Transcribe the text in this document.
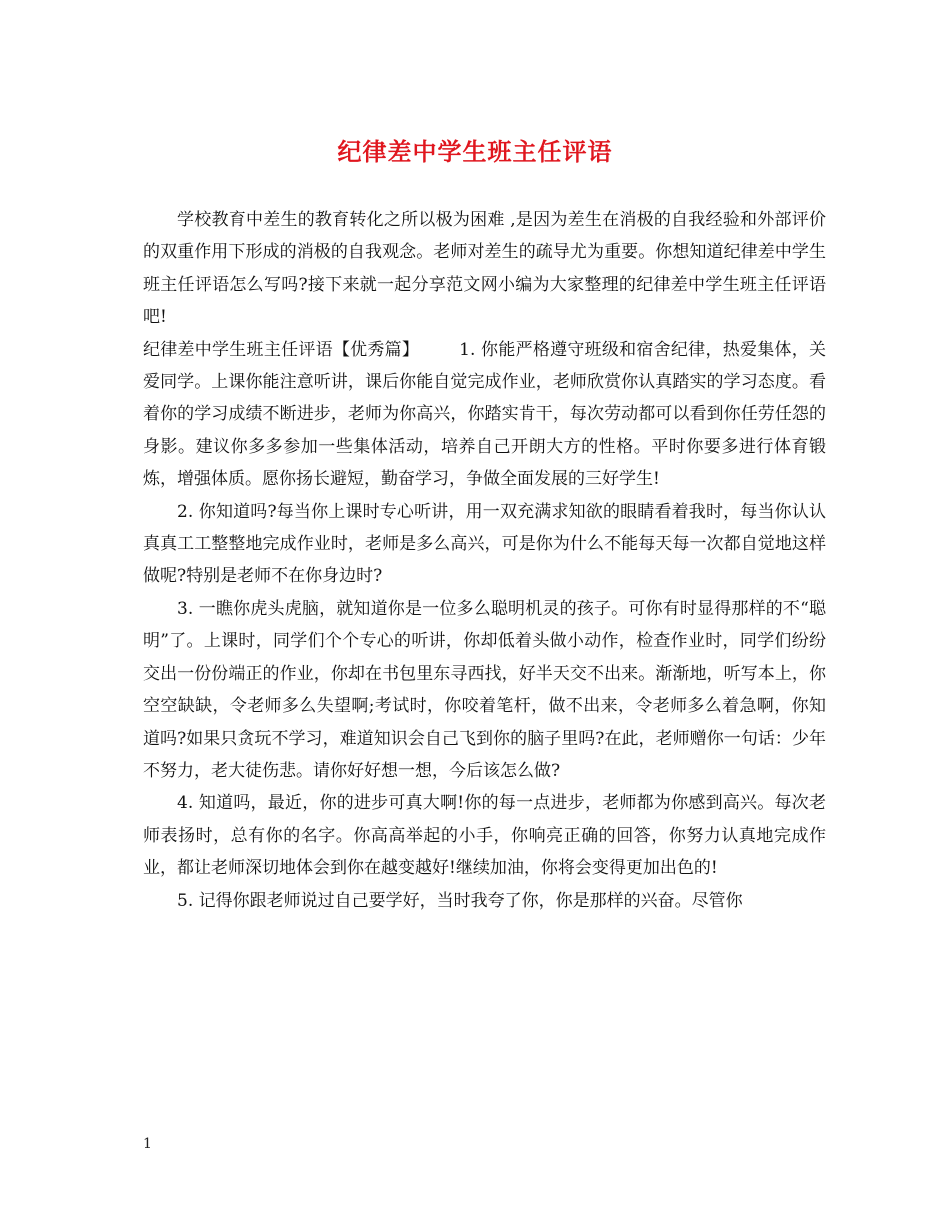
纪律差中学生班主任评语

学校教育中差生的教育转化之所以极为困难 ,是因为差生在消极的自我经验和外部评价的双重作用下形成的消极的自我观念。老师对差生的疏导尤为重要。你想知道纪律差中学生班主任评语怎么写吗?接下来就一起分享范文网小编为大家整理的纪律差中学生班主任评语吧!

纪律差中学生班主任评语【优秀篇】 1. 你能严格遵守班级和宿舍纪律，热爱集体，关爱同学。上课你能注意听讲，课后你能自觉完成作业，老师欣赏你认真踏实的学习态度。看着你的学习成绩不断进步，老师为你高兴，你踏实肯干，每次劳动都可以看到你任劳任怨的身影。建议你多多参加一些集体活动，培养自己开朗大方的性格。平时你要多进行体育锻炼，增强体质。愿你扬长避短，勤奋学习，争做全面发展的三好学生!

2. 你知道吗?每当你上课时专心听讲，用一双充满求知欲的眼睛看着我时，每当你认认真真工工整整地完成作业时，老师是多么高兴，可是你为什么不能每天每一次都自觉地这样做呢?特别是老师不在你身边时?

3. 一瞧你虎头虎脑，就知道你是一位多么聪明机灵的孩子。可你有时显得那样的不“聪明”了。上课时，同学们个个专心的听讲，你却低着头做小动作，检查作业时，同学们纷纷交出一份份端正的作业，你却在书包里东寻西找，好半天交不出来。渐渐地，听写本上，你空空缺缺，令老师多么失望啊;考试时，你咬着笔杆，做不出来，令老师多么着急啊，你知道吗?如果只贪玩不学习，难道知识会自己飞到你的脑子里吗?在此，老师赠你一句话：少年不努力，老大徒伤悲。请你好好想一想，今后该怎么做?

4. 知道吗，最近，你的进步可真大啊!你的每一点进步，老师都为你感到高兴。每次老师表扬时，总有你的名字。你高高举起的小手，你响亮正确的回答，你努力认真地完成作业，都让老师深切地体会到你在越变越好!继续加油，你将会变得更加出色的!

5. 记得你跟老师说过自己要学好，当时我夸了你，你是那样的兴奋。尽管你

1
